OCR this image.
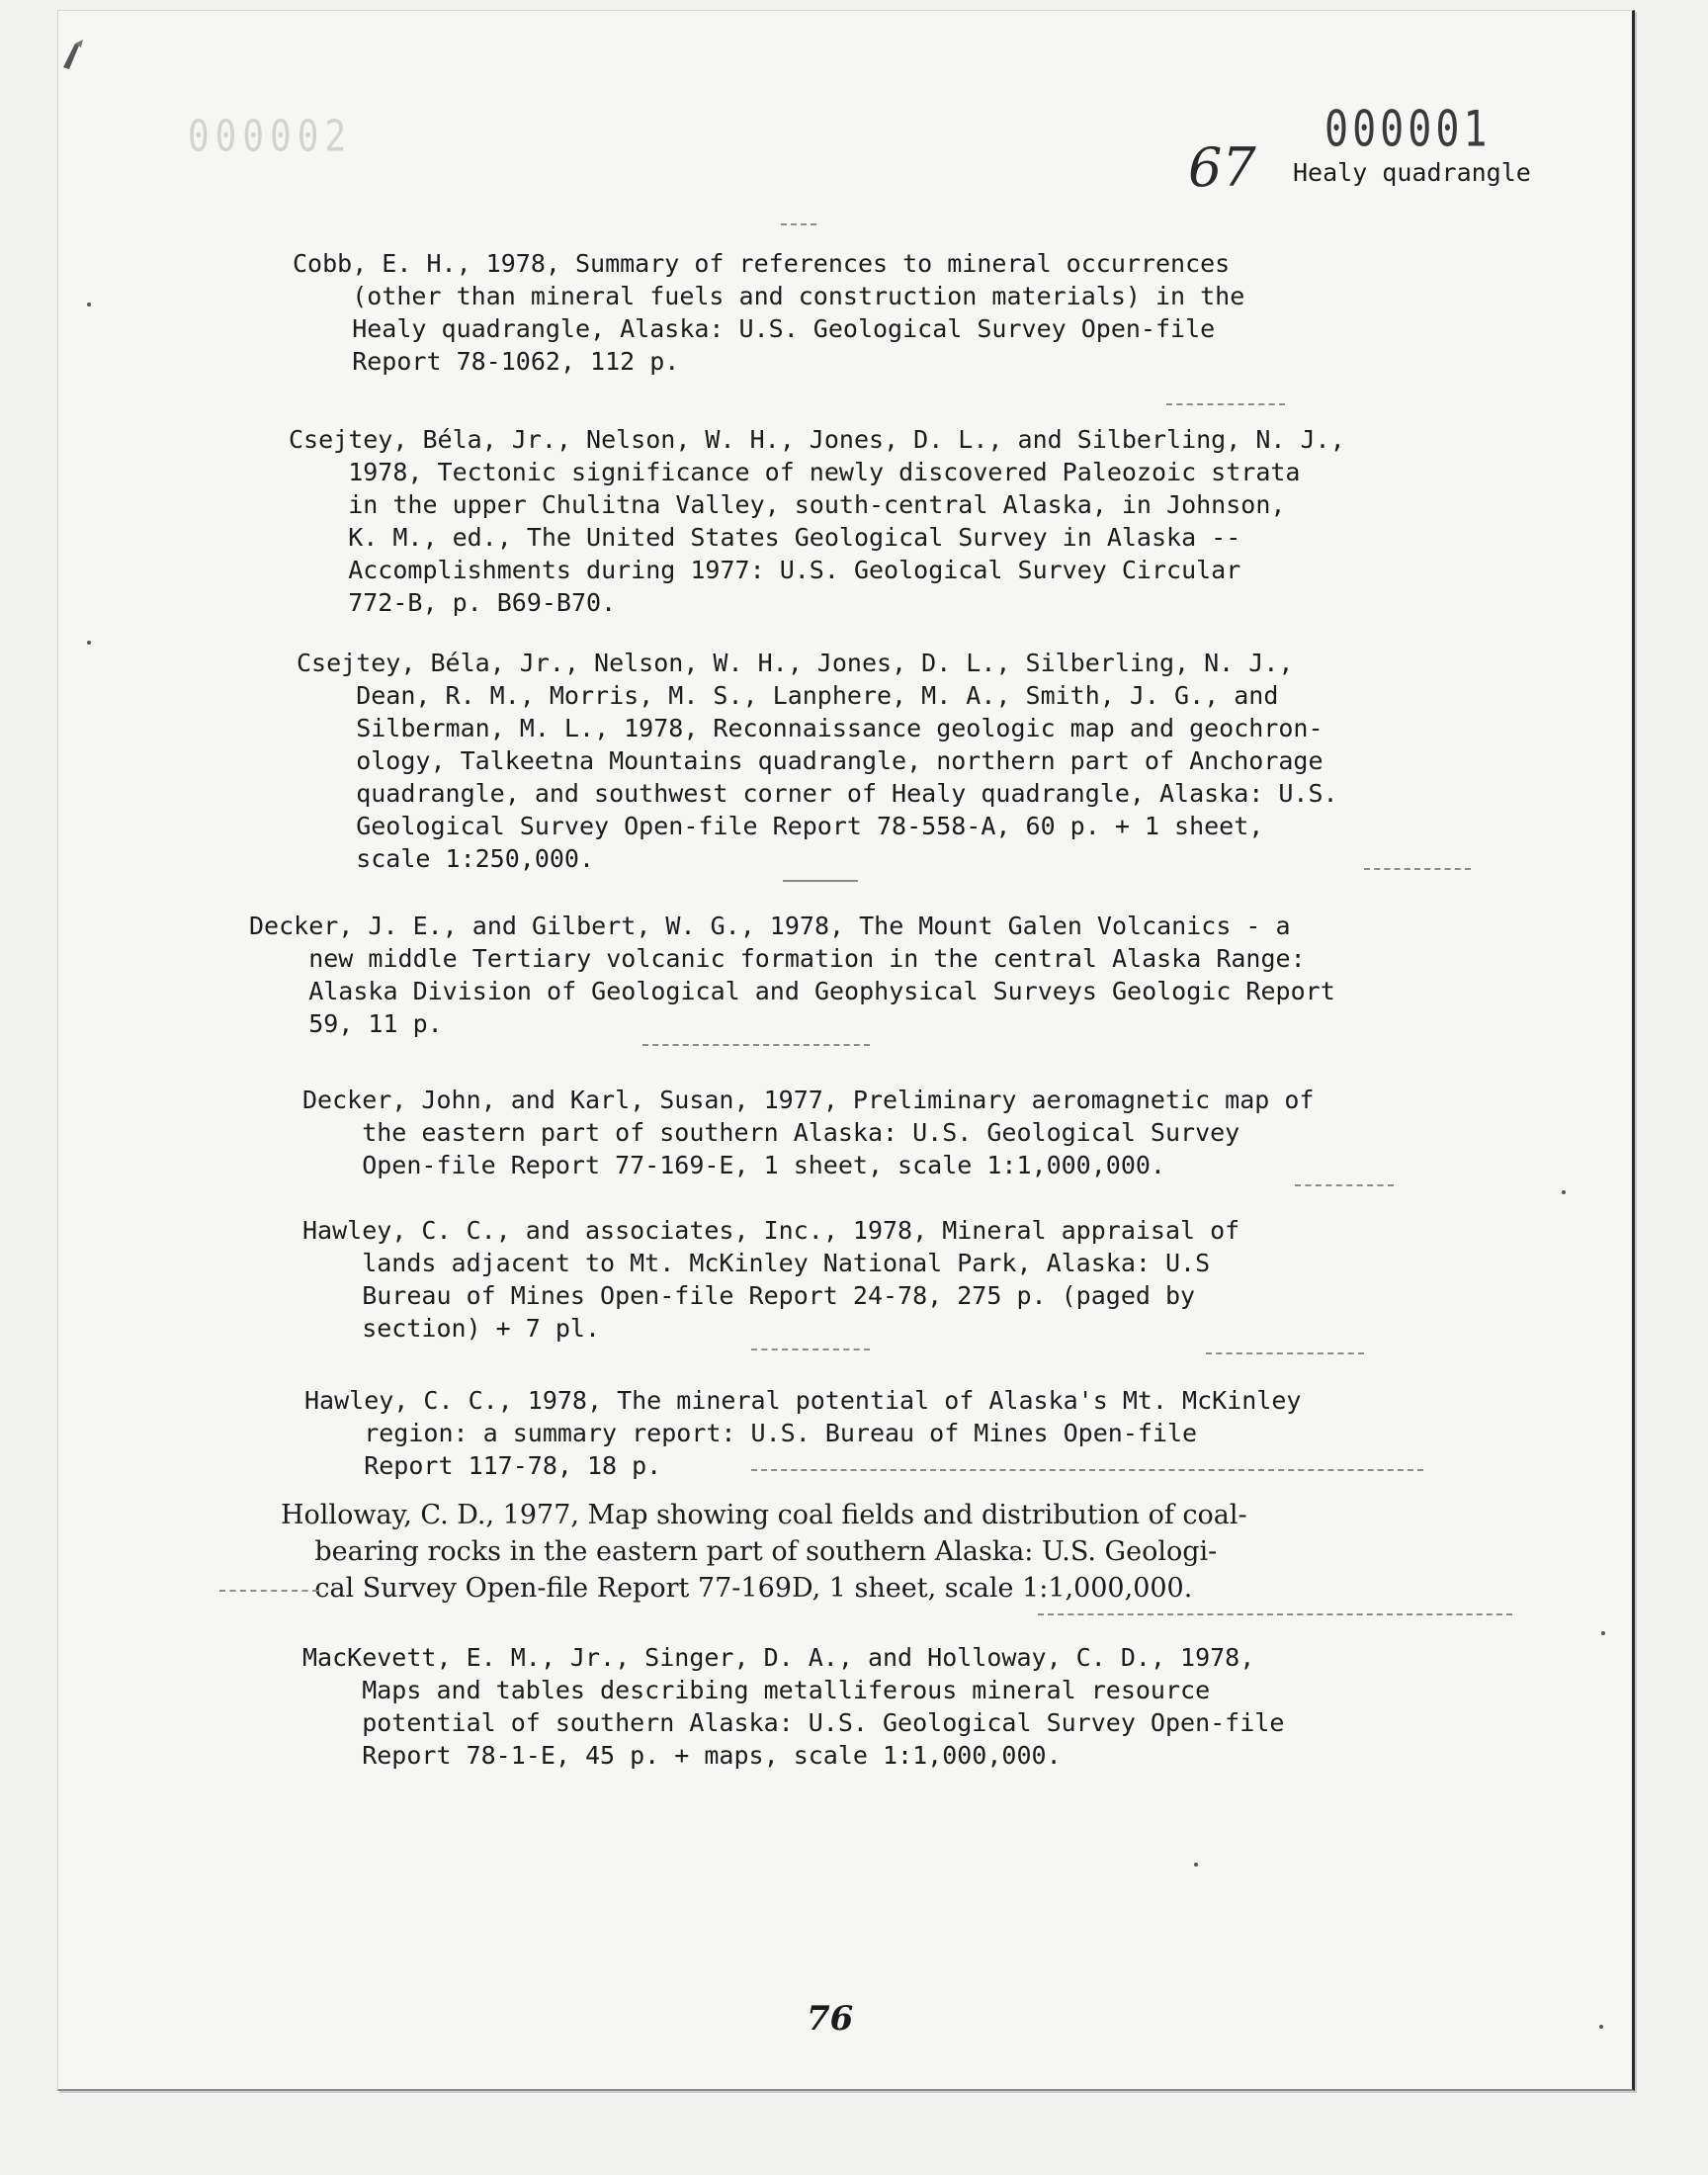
000002	000001
67 Healy quadrangle
Cobb, E. H., 1978, Summary of references to mineral occurrences
(other than mineral fuels and construction materials) in the
Healy quadrangle, Alaska: U.S. Geological Survey Open-file
Report 78-1062, 112 p.
Csejtey, Béla, Jr., Nelson, W. H., Jones, D. L., and Silberling, N. J.,
1978, Tectonic significance of newly discovered Paleozoic strata
in the upper Chulitna Valley, south-central Alaska, in Johnson,
K. M., ed., The United States Geological Survey in Alaska --
Accomplishments during 1977: U.S. Geological Survey Circular
772-B, p. B69-B70.
Csejtey, Béla, Jr., Nelson, W. H., Jones, D. L., Silberling, N. J.,
Dean, R. M., Morris, M. S., Lanphere, M. A., Smith, J. G., and
Silberman, M. L., 1978, Reconnaissance geologic map and geochron-
ology, Talkeetna Mountains quadrangle, northern part of Anchorage
quadrangle, and southwest corner of Healy quadrangle, Alaska: U.S.
Geological Survey Open-file Report 78-558-A, 60 p. + 1 sheet,
scale 1:250,000.
Decker, J. E., and Gilbert, W. G., 1978, The Mount Galen Volcanics - a
new middle Tertiary volcanic formation in the central Alaska Range:
Alaska Division of Geological and Geophysical Surveys Geologic Report
59, 11 p.
Decker, John, and Karl, Susan, 1977, Preliminary aeromagnetic map of
the eastern part of southern Alaska: U.S. Geological Survey
Open-file Report 77-169-E, 1 sheet, scale 1:1,000,000.
Hawley, C. C., and associates, Inc., 1978, Mineral appraisal of
lands adjacent to Mt. McKinley National Park, Alaska: U.S
Bureau of Mines Open-file Report 24-78, 275 p. (paged by
section) + 7 pl.
Hawley, C. C., 1978, The mineral potential of Alaska's Mt. McKinley
region: a summary report: U.S. Bureau of Mines Open-file
Report 117-78, 18 p.
Holloway, C. D., 1977, Map showing coal fields and distribution of coal-
bearing rocks in the eastern part of southern Alaska: U.S. Geologi-
cal Survey Open-file Report 77-169D, 1 sheet, scale 1:1,000,000.
MacKevett, E. M., Jr., Singer, D. A., and Holloway, C. D., 1978,
Maps and tables describing metalliferous mineral resource
potential of southern Alaska: U.S. Geological Survey Open-file
Report 78-1-E, 45 p. + maps, scale 1:1,000,000.
76
